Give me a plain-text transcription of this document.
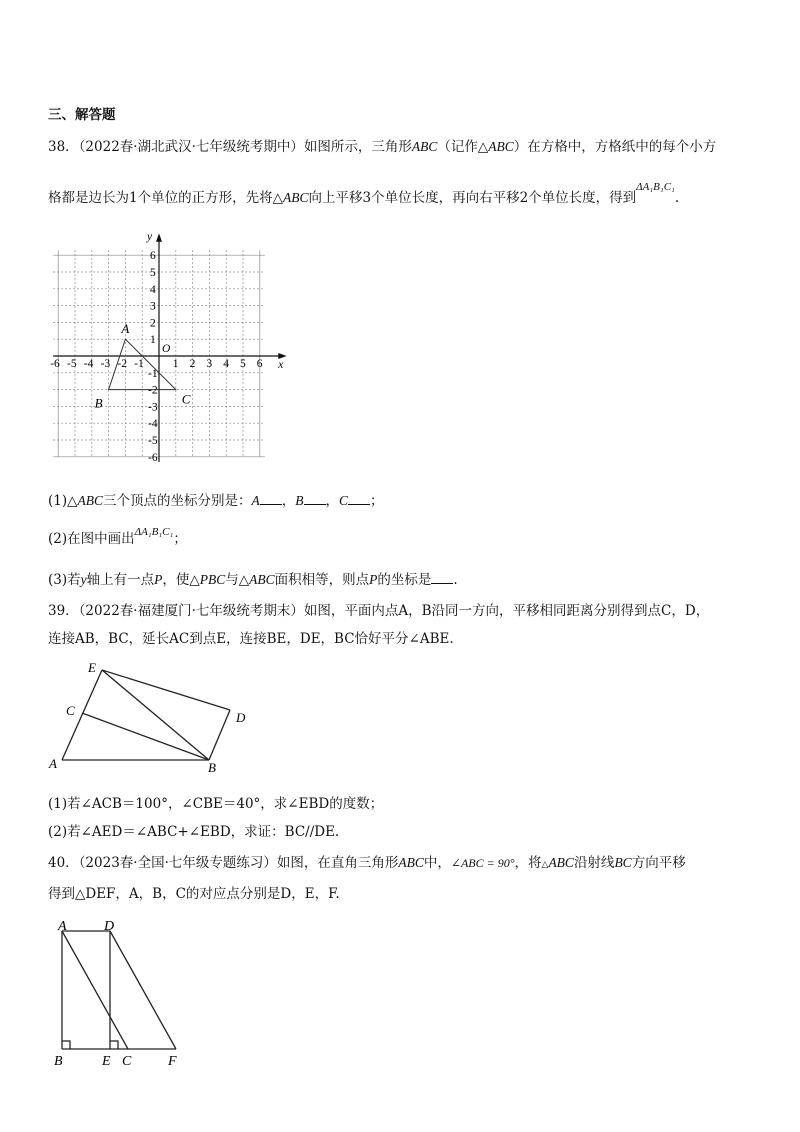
三、解答题
38．（2022春·湖北武汉·七年级统考期中）如图所示，三角形ABC（记作△ABC）在方格中，方格纸中的每个小方
格都是边长为1个单位的正方形，先将△ABC向上平移3个单位长度，再向右平移2个单位长度，得到$^{\Delta A_1B_1C_1}$.
-6 -5 -4 -3 -2 -1	1 2 3 4 5 6
6
5
4
3
2
1
-1
-2
-3
-4
-5
-6
O
x
y
A
B	C
(1)△ABC三个顶点的坐标分别是：A ，B ，C ；
(2)在图中画出$^{\Delta A_1B_1C_1}$；
(3)若y轴上有一点P，使△PBC与△ABC面积相等，则点P的坐标是 .
39．（2022春·福建厦门·七年级统考期末）如图，平面内点A，B沿同一方向，平移相同距离分别得到点C，D，
连接AB，BC，延长AC到点E，连接BE，DE，BC恰好平分∠ABE.
E
C	D
A	B
(1)若∠ACB＝100°，∠CBE＝40°，求∠EBD的度数；
(2)若∠AED＝∠ABC+∠EBD，求证：BC//DE.
40．（2023春·全国·七年级专题练习）如图，在直角三角形ABC中，∠ABC = 90°，将△ABC沿射线BC方向平移
得到△DEF，A，B，C的对应点分别是D，E，F.
A	D
B	E C	F
